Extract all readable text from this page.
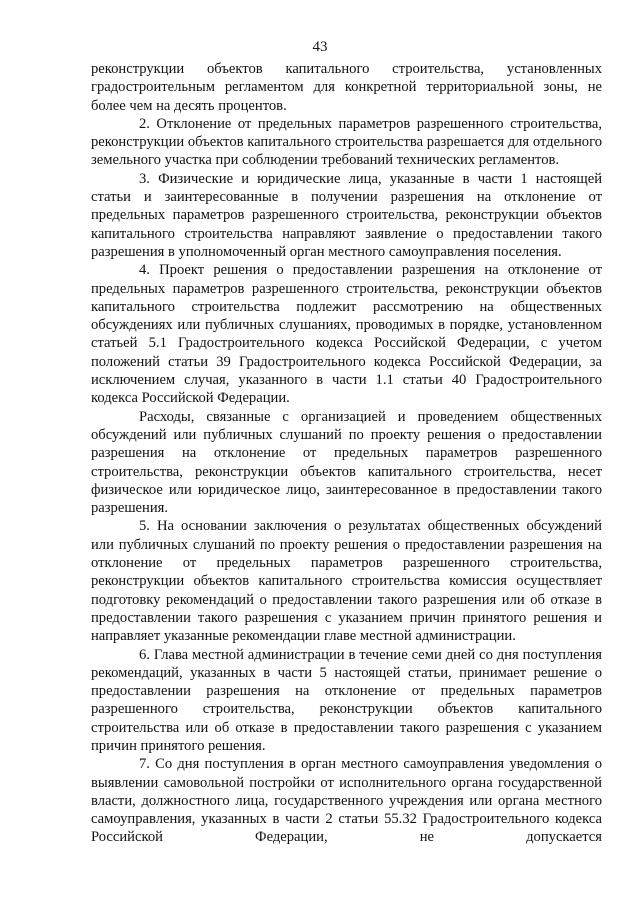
43

реконструкции объектов капитального строительства, установленных градостроительным регламентом для конкретной территориальной зоны, не более чем на десять процентов.

2. Отклонение от предельных параметров разрешенного строительства, реконструкции объектов капитального строительства разрешается для отдельного земельного участка при соблюдении требований технических регламентов.

3. Физические и юридические лица, указанные в части 1 настоящей статьи и заинтересованные в получении разрешения на отклонение от предельных параметров разрешенного строительства, реконструкции объектов капитального строительства направляют заявление о предоставлении такого разрешения в уполномоченный орган местного самоуправления поселения.

4. Проект решения о предоставлении разрешения на отклонение от предельных параметров разрешенного строительства, реконструкции объектов капитального строительства подлежит рассмотрению на общественных обсуждениях или публичных слушаниях, проводимых в порядке, установленном статьей 5.1 Градостроительного кодекса Российской Федерации, с учетом положений статьи 39 Градостроительного кодекса Российской Федерации, за исключением случая, указанного в части 1.1 статьи 40 Градостроительного кодекса Российской Федерации.

Расходы, связанные с организацией и проведением общественных обсуждений или публичных слушаний по проекту решения о предоставлении разрешения на отклонение от предельных параметров разрешенного строительства, реконструкции объектов капитального строительства, несет физическое или юридическое лицо, заинтересованное в предоставлении такого разрешения.

5. На основании заключения о результатах общественных обсуждений или публичных слушаний по проекту решения о предоставлении разрешения на отклонение от предельных параметров разрешенного строительства, реконструкции объектов капитального строительства комиссия осуществляет подготовку рекомендаций о предоставлении такого разрешения или об отказе в предоставлении такого разрешения с указанием причин принятого решения и направляет указанные рекомендации главе местной администрации.

6. Глава местной администрации в течение семи дней со дня поступления рекомендаций, указанных в части 5 настоящей статьи, принимает решение о предоставлении разрешения на отклонение от предельных параметров разрешенного строительства, реконструкции объектов капитального строительства или об отказе в предоставлении такого разрешения с указанием причин принятого решения.

7. Со дня поступления в орган местного самоуправления уведомления о выявлении самовольной постройки от исполнительного органа государственной власти, должностного лица, государственного учреждения или органа местного самоуправления, указанных в части 2 статьи 55.32 Градостроительного кодекса Российской Федерации, не допускается
